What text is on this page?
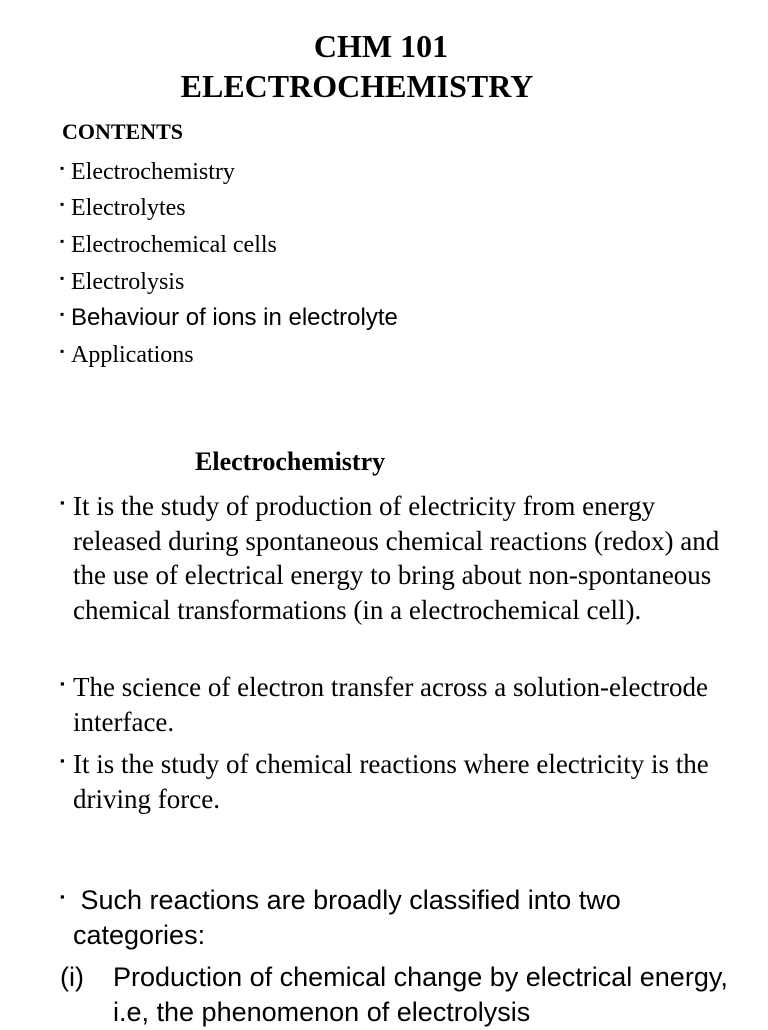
CHM 101
ELECTROCHEMISTRY
CONTENTS
▪ Electrochemistry
▪ Electrolytes
▪ Electrochemical cells
▪ Electrolysis
▪ Behaviour of ions in electrolyte
▪ Applications
Electrochemistry
▪ It is the study of production of electricity from energy released during spontaneous chemical reactions (redox) and the use of electrical energy to bring about non-spontaneous chemical transformations (in a electrochemical cell).
▪ The science of electron transfer across a solution-electrode interface.
▪ It is the study of chemical reactions where electricity is the driving force.
▪ Such reactions are broadly classified into two categories:
(i)	Production of chemical change by electrical energy, i.e, the phenomenon of electrolysis
